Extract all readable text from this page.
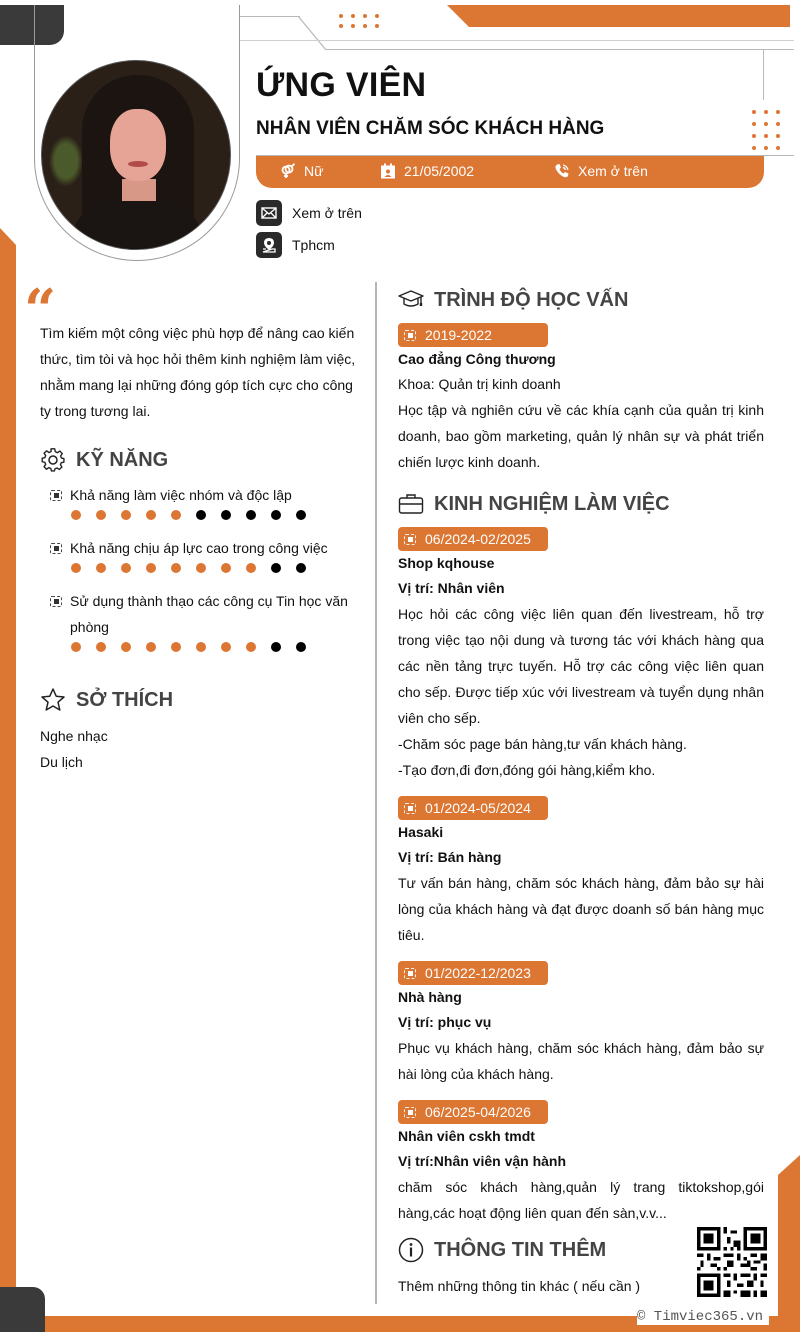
ỨNG VIÊN
NHÂN VIÊN CHĂM SÓC KHÁCH HÀNG
Nữ	21/05/2002	Xem ở trên
Xem ở trên
Tphcm
“
Tìm kiếm một công việc phù hợp để nâng cao kiến thức, tìm tòi và học hỏi thêm kinh nghiệm làm việc, nhằm mang lại những đóng góp tích cực cho công ty trong tương lai.
KỸ NĂNG
Khả năng làm việc nhóm và độc lập
Khả năng chịu áp lực cao trong công việc
Sử dụng thành thạo các công cụ Tin học văn phòng
SỞ THÍCH
Nghe nhạc
Du lịch
TRÌNH ĐỘ HỌC VẤN
2019-2022
Cao đẳng Công thương
Khoa: Quản trị kinh doanh
Học tập và nghiên cứu về các khía cạnh của quản trị kinh doanh, bao gồm marketing, quản lý nhân sự và phát triển chiến lược kinh doanh.
KINH NGHIỆM LÀM VIỆC
06/2024-02/2025
Shop kqhouse
Vị trí: Nhân viên
Học hỏi các công việc liên quan đến livestream, hỗ trợ trong việc tạo nội dung và tương tác với khách hàng qua các nền tảng trực tuyến. Hỗ trợ các công việc liên quan cho sếp. Được tiếp xúc với livestream và tuyển dụng nhân viên cho sếp.
-Chăm sóc page bán hàng,tư vấn khách hàng.
-Tạo đơn,đi đơn,đóng gói hàng,kiểm kho.
01/2024-05/2024
Hasaki
Vị trí: Bán hàng
Tư vấn bán hàng, chăm sóc khách hàng, đảm bảo sự hài lòng của khách hàng và đạt được doanh số bán hàng mục tiêu.
01/2022-12/2023
Nhà hàng
Vị trí: phục vụ
Phục vụ khách hàng, chăm sóc khách hàng, đảm bảo sự hài lòng của khách hàng.
06/2025-04/2026
Nhân viên cskh tmdt
Vị trí:Nhân viên vận hành
chăm sóc khách hàng,quản lý trang tiktokshop,gói hàng,các hoạt động liên quan đến sàn,v.v...
THÔNG TIN THÊM
Thêm những thông tin khác ( nếu cần )
© Timviec365.vn
